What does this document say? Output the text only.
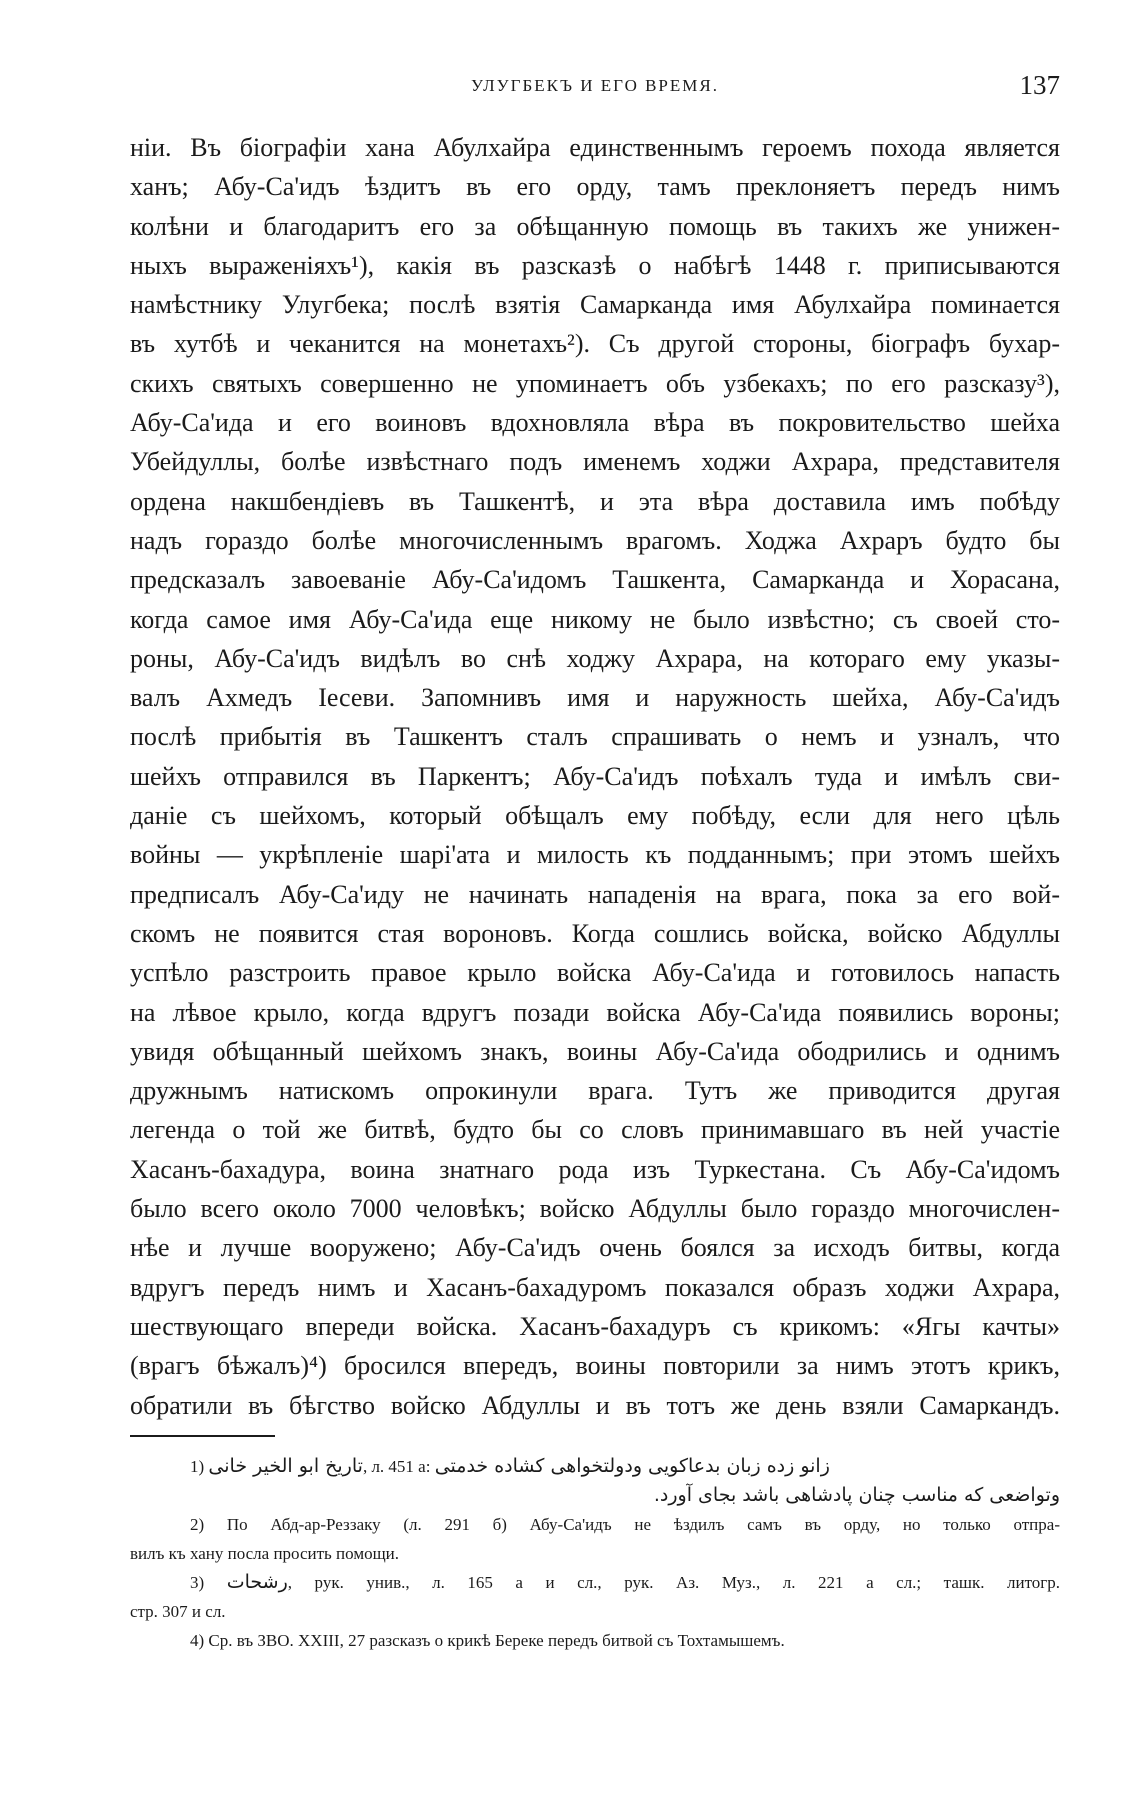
УЛУГБЕКЪ И ЕГО ВРЕМЯ.	137
ніи. Въ біографіи хана Абулхайра единственнымъ героемъ похода является
ханъ; Абу-Са'идъ ѣздитъ въ его орду, тамъ преклоняетъ передъ нимъ
колѣни и благодаритъ его за обѣщанную помощь въ такихъ же унижен-
ныхъ выраженіяхъ¹), какія въ разсказѣ о набѣгѣ 1448 г. приписываются
намѣстнику Улугбека; послѣ взятія Самарканда имя Абулхайра поминается
въ хутбѣ и чеканится на монетахъ²). Съ другой стороны, біографъ бухар-
скихъ святыхъ совершенно не упоминаетъ объ узбекахъ; по его разсказу³),
Абу-Са'ида и его воиновъ вдохновляла вѣра въ покровительство шейха
Убейдуллы, болѣе извѣстнаго подъ именемъ ходжи Ахрара, представителя
ордена накшбендіевъ въ Ташкентѣ, и эта вѣра доставила имъ побѣду
надъ гораздо болѣе многочисленнымъ врагомъ. Ходжа Ахраръ будто бы
предсказалъ завоеваніе Абу-Са'идомъ Ташкента, Самарканда и Хорасана,
когда самое имя Абу-Са'ида еще никому не было извѣстно; съ своей сто-
роны, Абу-Са'идъ видѣлъ во снѣ ходжу Ахрара, на котораго ему указы-
валъ Ахмедъ Іесеви. Запомнивъ имя и наружность шейха, Абу-Са'идъ
послѣ прибытія въ Ташкентъ сталъ спрашивать о немъ и узналъ, что
шейхъ отправился въ Паркентъ; Абу-Са'идъ поѣхалъ туда и имѣлъ сви-
даніе съ шейхомъ, который обѣщалъ ему побѣду, если для него цѣль
войны — укрѣпленіе шарі'ата и милость къ подданнымъ; при этомъ шейхъ
предписалъ Абу-Са'иду не начинать нападенія на врага, пока за его вой-
скомъ не появится стая вороновъ. Когда сошлись войска, войско Абдуллы
успѣло разстроить правое крыло войска Абу-Са'ида и готовилось напасть
на лѣвое крыло, когда вдругъ позади войска Абу-Са'ида появились вороны;
увидя обѣщанный шейхомъ знакъ, воины Абу-Са'ида ободрились и однимъ
дружнымъ натискомъ опрокинули врага. Тутъ же приводится другая
легенда о той же битвѣ, будто бы со словъ принимавшаго въ ней участіе
Хасанъ-бахадура, воина знатнаго рода изъ Туркестана. Съ Абу-Са'идомъ
было всего около 7000 человѣкъ; войско Абдуллы было гораздо многочислен-
нѣе и лучше вооружено; Абу-Са'идъ очень боялся за исходъ битвы, когда
вдругъ передъ нимъ и Хасанъ-бахадуромъ показался образъ ходжи Ахрара,
шествующаго впереди войска. Хасанъ-бахадуръ съ крикомъ: «Ягы качты»
(врагъ бѣжалъ)⁴) бросился впередъ, воины повторили за нимъ этотъ крикъ,
обратили въ бѣгство войско Абдуллы и въ тотъ же день взяли Самаркандъ.
1) تاريخ ابو الخير خانى, л. 451 а: زانو زده زبان بدعاكويى ودولتخواهى كشاده خدمتى
وتواضعى كه مناسب چنان پادشاهى باشد بجاى آورد.
2) По Абд-ар-Реззаку (л. 291 б) Абу-Са'идъ не ѣздилъ самъ въ орду, но только отпра-
вилъ къ хану посла просить помощи.
3) رشحات, рук. унив., л. 165 а и сл., рук. Аз. Муз., л. 221 а сл.; ташк. литогр.
стр. 307 и сл.
4) Ср. въ ЗВО. XXIII, 27 разсказъ о крикѣ Береке передъ битвой съ Тохтамышемъ.
